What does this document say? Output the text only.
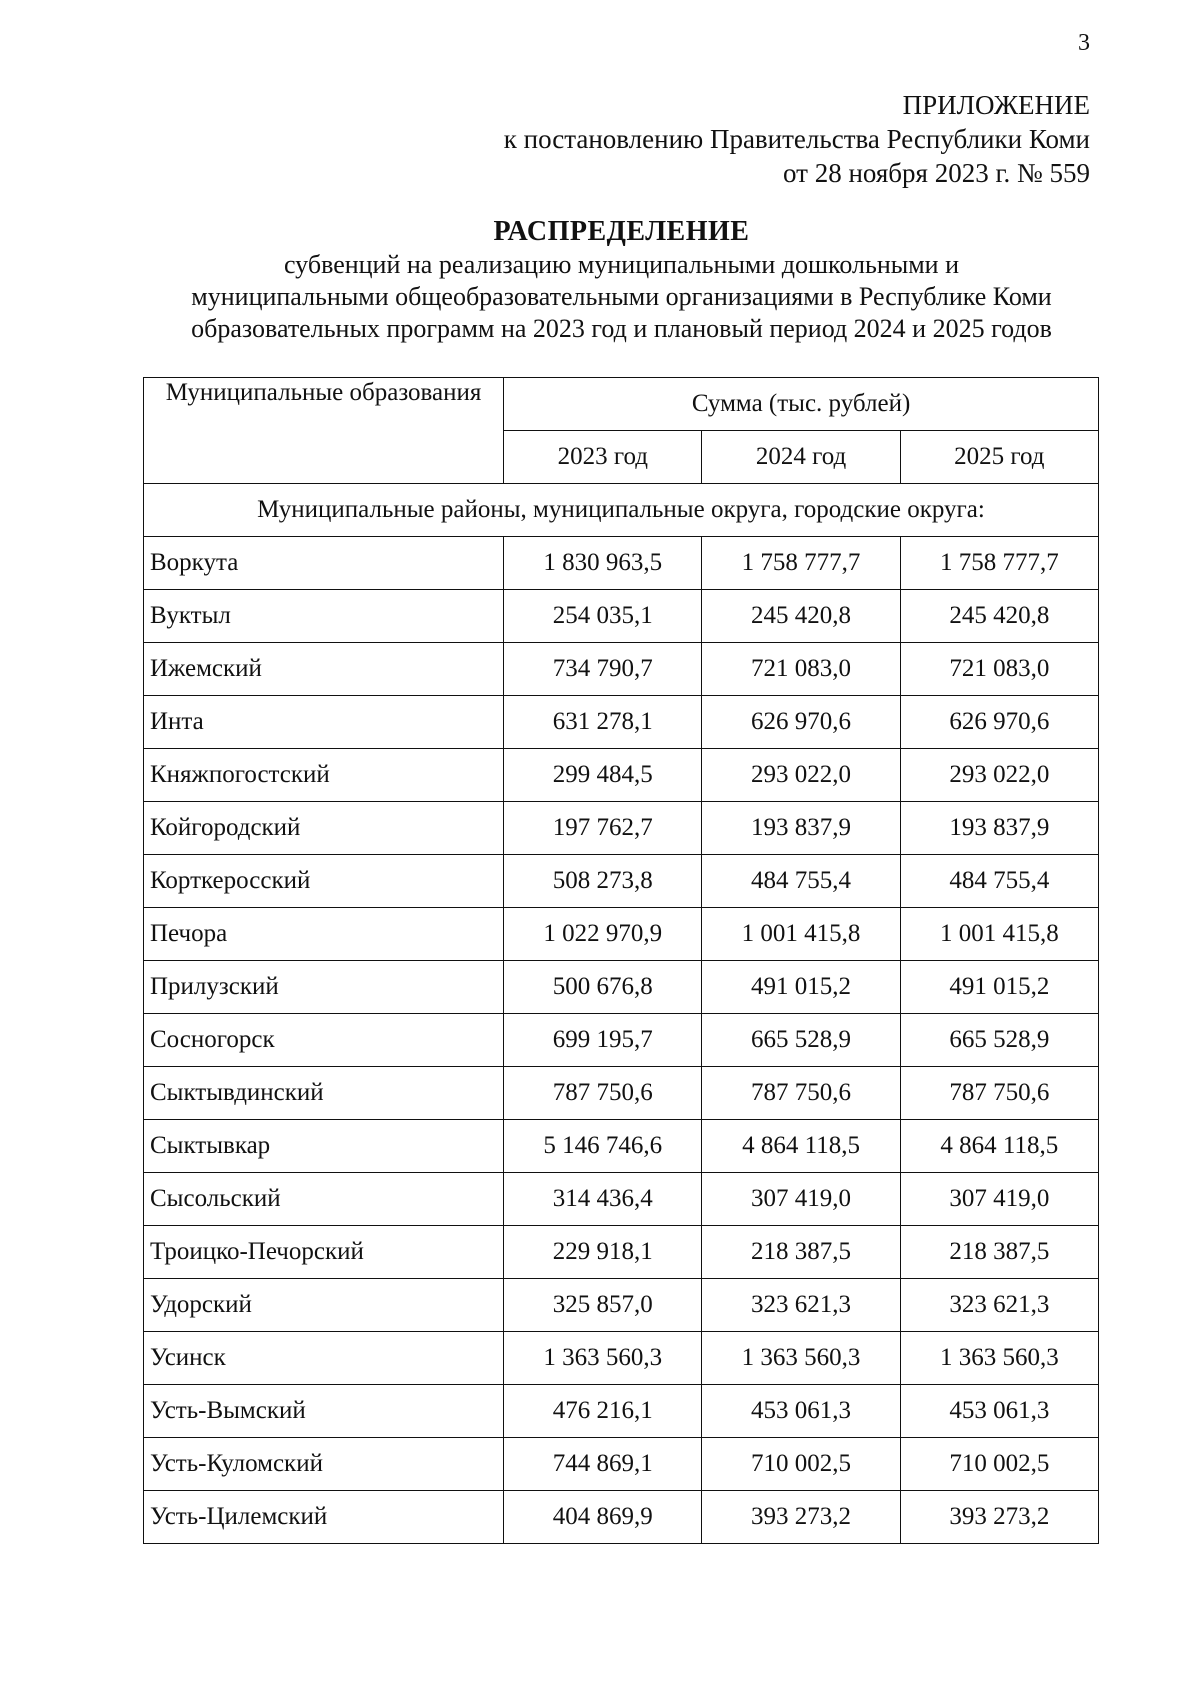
3
ПРИЛОЖЕНИЕ
к постановлению Правительства Республики Коми
от 28 ноября 2023 г. № 559
РАСПРЕДЕЛЕНИЕ
субвенций на реализацию муниципальными дошкольными и
муниципальными общеобразовательными организациями в Республике Коми
образовательных программ на 2023 год и плановый период 2024 и 2025 годов
Муниципальные образования	Сумма (тыс. рублей)		
	2023 год	2024 год	2025 год
Муниципальные районы, муниципальные округа, городские округа:			
Воркута	1 830 963,5	1 758 777,7	1 758 777,7
Вуктыл	254 035,1	245 420,8	245 420,8
Ижемский	734 790,7	721 083,0	721 083,0
Инта	631 278,1	626 970,6	626 970,6
Княжпогостский	299 484,5	293 022,0	293 022,0
Койгородский	197 762,7	193 837,9	193 837,9
Корткеросский	508 273,8	484 755,4	484 755,4
Печора	1 022 970,9	1 001 415,8	1 001 415,8
Прилузский	500 676,8	491 015,2	491 015,2
Сосногорск	699 195,7	665 528,9	665 528,9
Сыктывдинский	787 750,6	787 750,6	787 750,6
Сыктывкар	5 146 746,6	4 864 118,5	4 864 118,5
Сысольский	314 436,4	307 419,0	307 419,0
Троицко-Печорский	229 918,1	218 387,5	218 387,5
Удорский	325 857,0	323 621,3	323 621,3
Усинск	1 363 560,3	1 363 560,3	1 363 560,3
Усть-Вымский	476 216,1	453 061,3	453 061,3
Усть-Куломский	744 869,1	710 002,5	710 002,5
Усть-Цилемский	404 869,9	393 273,2	393 273,2
